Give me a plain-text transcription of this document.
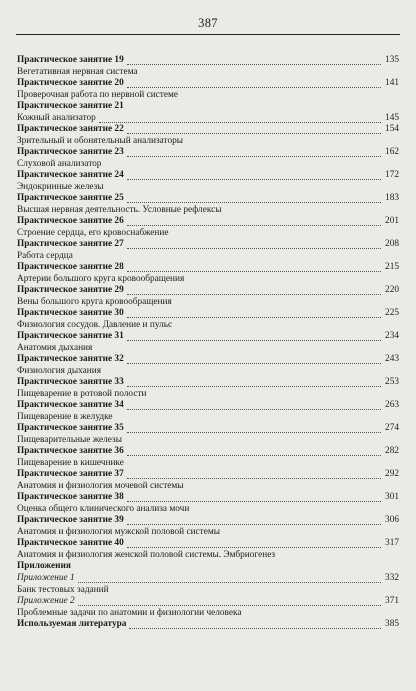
387
Практическое занятие 19
Вегетативная нервная система
135
Практическое занятие 20
Проверочная работа по нервной системе
141
Практическое занятие 21
Кожный анализатор	145
Практическое занятие 22
Зрительный и обонятельный анализаторы
154
Практическое занятие 23
Слуховой анализатор
162
Практическое занятие 24
Эндокринные железы
172
Практическое занятие 25
Высшая нервная деятельность. Условные рефлексы
183
Практическое занятие 26
Строение сердца, его кровоснабжение
201
Практическое занятие 27
Работа сердца
208
Практическое занятие 28
Артерии большого круга кровообращения
215
Практическое занятие 29
Вены большого круга кровообращения
220
Практическое занятие 30
Физиология сосудов. Давление и пульс
225
Практическое занятие 31
Анатомия дыхания
234
Практическое занятие 32
Физиология дыхания
243
Практическое занятие 33
Пищеварение в ротовой полости
253
Практическое занятие 34
Пищеварение в желудке
263
Практическое занятие 35
Пищеварительные железы
274
Практическое занятие 36
Пищеварение в кишечнике
282
Практическое занятие 37
Анатомия и физиология мочевой системы
292
Практическое занятие 38
Оценка общего клинического анализа мочи
301
Практическое занятие 39
Анатомия и физиология мужской половой системы
306
Практическое занятие 40
Анатомия и физиология женской половой системы. Эмбриогенез
317
Приложения
Приложение 1
Банк тестовых заданий
332
Приложение 2
Проблемные задачи по анатомии и физиологии человека
371
Используемая литература	385
